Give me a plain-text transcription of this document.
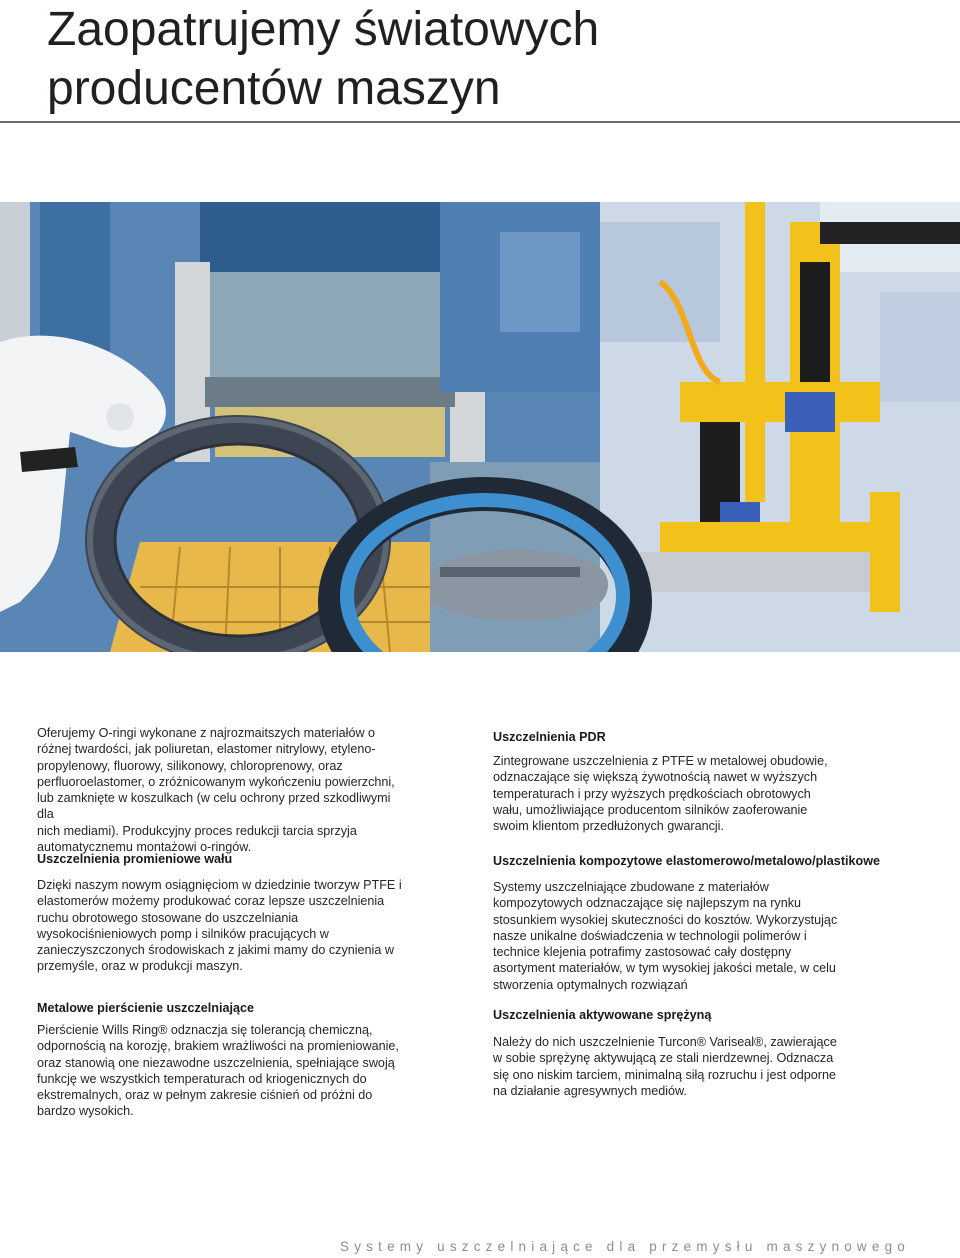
Zaopatrujemy światowych
producentów maszyn

Oferujemy O-ringi wykonane z najrozmaitszych materiałów o

różnej twardości, jak poliuretan, elastomer nitrylowy, etyleno-

propylenowy, fluorowy, silikonowy, chloroprenowy, oraz

perfluoroelastomer, o zróżnicowanym wykończeniu powierzchni,

lub zamknięte w koszulkach (w celu ochrony przed szkodliwymi dla

nich mediami). Produkcyjny proces redukcji tarcia sprzyja

automatycznemu montażowi o-ringów.

Uszczelnienia promieniowe wału

Dzięki naszym nowym osiągnięciom w dziedzinie tworzyw PTFE i

elastomerów możemy produkować coraz lepsze uszczelnienia

ruchu obrotowego stosowane do uszczelniania

wysokociśnieniowych pomp i silników pracujących w

zanieczyszczonych środowiskach z jakimi mamy do czynienia w

przemyśle, oraz w produkcji maszyn.

Metalowe pierścienie uszczelniające

Pierścienie Wills Ring® odznaczja się tolerancją chemiczną,

odpornością na korozję, brakiem wrażliwości na promieniowanie,

oraz stanowią one niezawodne uszczelnienia, spełniające swoją

funkcję we wszystkich temperaturach od kriogenicznych do

ekstremalnych, oraz w pełnym zakresie ciśnień od próżni do

bardzo wysokich.

Uszczelnienia PDR

Zintegrowane uszczelnienia z PTFE w metalowej obudowie,

odznaczające się większą żywotnością nawet w wyższych

temperaturach i przy wyższych prędkościach obrotowych

wału, umożliwiające producentom silników zaoferowanie

swoim klientom przedłużonych gwarancji.

Uszczelnienia kompozytowe elastomerowo/metalowo/plastikowe

Systemy uszczelniające zbudowane z materiałów

kompozytowych odznaczające się najlepszym na rynku

stosunkiem wysokiej skuteczności do kosztów. Wykorzystując

nasze unikalne doświadczenia w technologii polimerów i

technice klejenia potrafimy zastosować cały dostępny

asortyment materiałów, w tym wysokiej jakości metale, w celu

stworzenia optymalnych rozwiązań

Uszczelnienia aktywowane sprężyną

Należy do nich uszczelnienie Turcon® Variseal®, zawierające

w sobie sprężynę aktywującą ze stali nierdzewnej. Odznacza

się ono niskim tarciem, minimalną siłą rozruchu i jest odporne

na działanie agresywnych mediów.

Systemy uszczelniające dla przemysłu maszynowego
